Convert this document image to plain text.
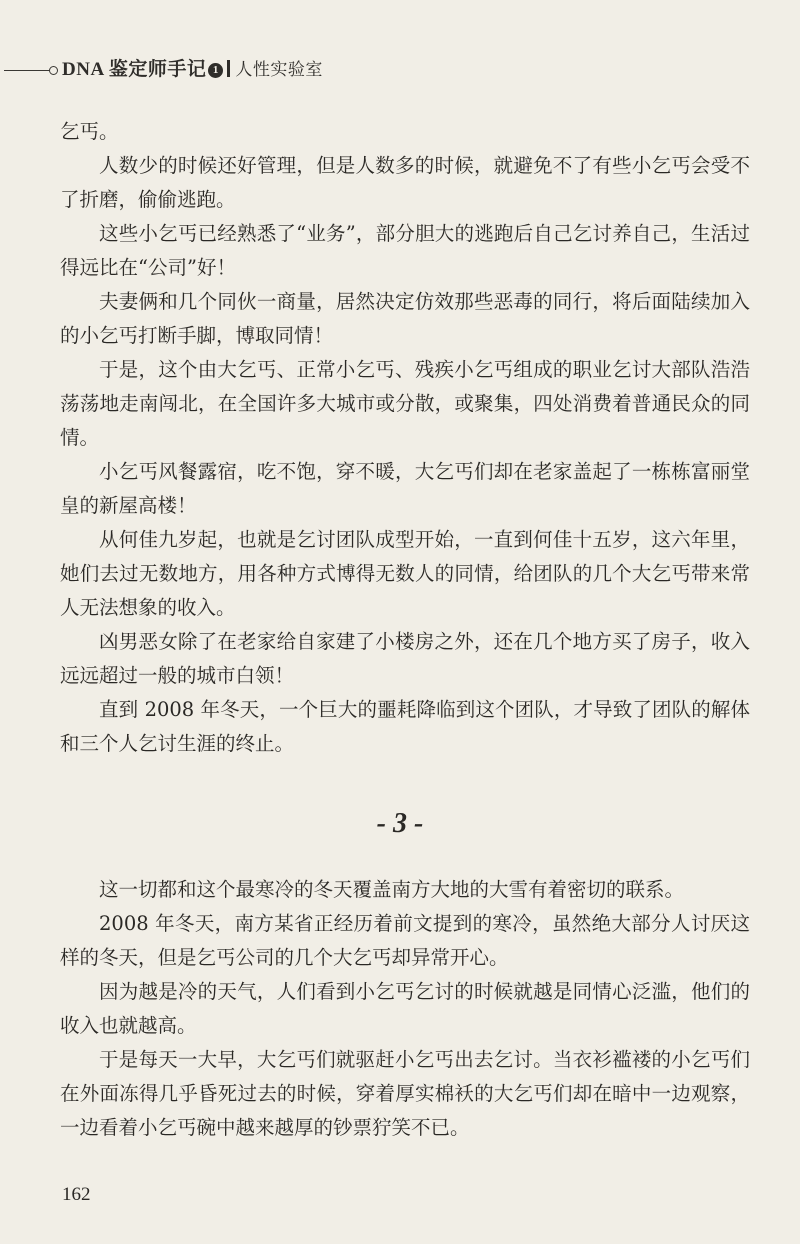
DNA 鉴定师手记 1 人性实验室

乞丐。

人数少的时候还好管理，但是人数多的时候，就避免不了有些小乞丐会受不了折磨，偷偷逃跑。

这些小乞丐已经熟悉了“业务”，部分胆大的逃跑后自己乞讨养自己，生活过得远比在“公司”好！

夫妻俩和几个同伙一商量，居然决定仿效那些恶毒的同行，将后面陆续加入的小乞丐打断手脚，博取同情！

于是，这个由大乞丐、正常小乞丐、残疾小乞丐组成的职业乞讨大部队浩浩荡荡地走南闯北，在全国许多大城市或分散，或聚集，四处消费着普通民众的同情。

小乞丐风餐露宿，吃不饱，穿不暖，大乞丐们却在老家盖起了一栋栋富丽堂皇的新屋高楼！

从何佳九岁起，也就是乞讨团队成型开始，一直到何佳十五岁，这六年里，她们去过无数地方，用各种方式博得无数人的同情，给团队的几个大乞丐带来常人无法想象的收入。

凶男恶女除了在老家给自家建了小楼房之外，还在几个地方买了房子，收入远远超过一般的城市白领！

直到 2008 年冬天，一个巨大的噩耗降临到这个团队，才导致了团队的解体和三个人乞讨生涯的终止。

- 3 -

这一切都和这个最寒冷的冬天覆盖南方大地的大雪有着密切的联系。

2008 年冬天，南方某省正经历着前文提到的寒冷，虽然绝大部分人讨厌这样的冬天，但是乞丐公司的几个大乞丐却异常开心。

因为越是冷的天气，人们看到小乞丐乞讨的时候就越是同情心泛滥，他们的收入也就越高。

于是每天一大早，大乞丐们就驱赶小乞丐出去乞讨。当衣衫褴褛的小乞丐们在外面冻得几乎昏死过去的时候，穿着厚实棉袄的大乞丐们却在暗中一边观察，一边看着小乞丐碗中越来越厚的钞票狞笑不已。

162
